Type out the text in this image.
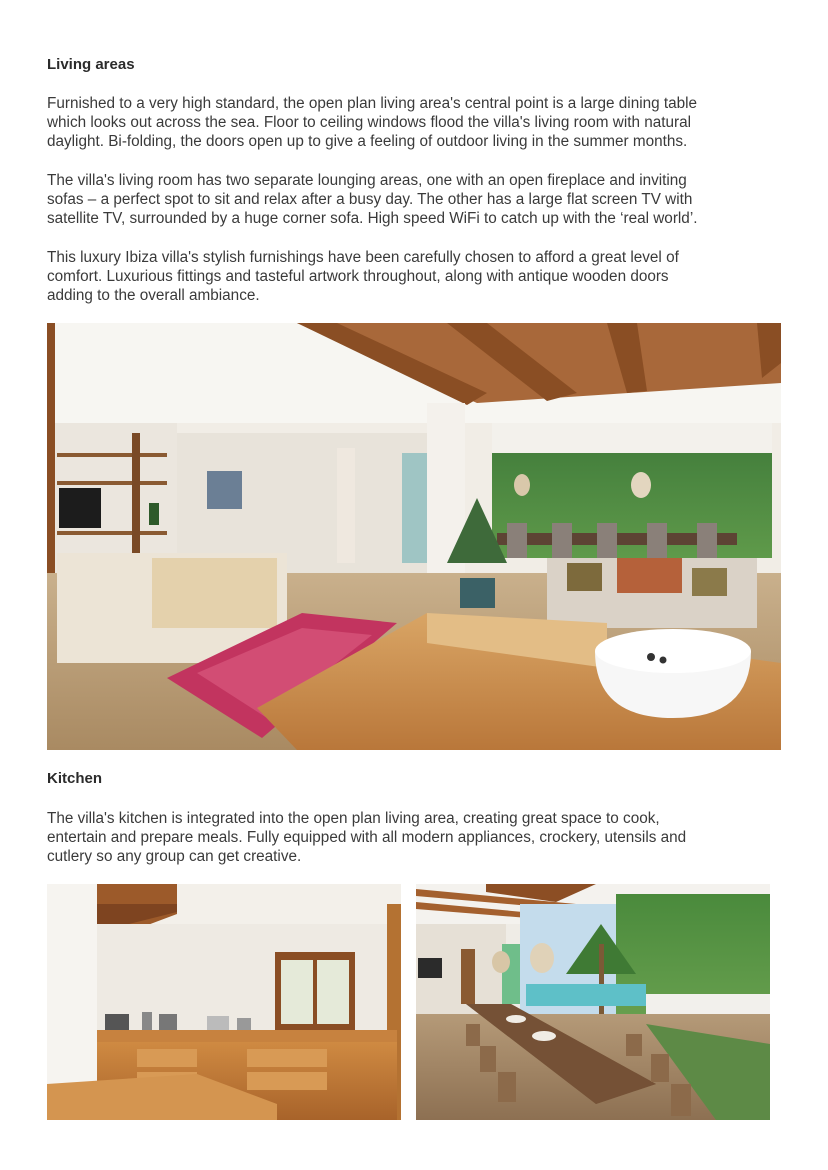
Living areas
Furnished to a very high standard, the open plan living area's central point is a large dining table
which looks out across the sea. Floor to ceiling windows flood the villa's living room with natural
daylight. Bi-folding, the doors open up to give a feeling of outdoor living in the summer months.
The villa's living room has two separate lounging areas, one with an open fireplace and inviting
sofas – a perfect spot to sit and relax after a busy day. The other has a large flat screen TV with
satellite TV, surrounded by a huge corner sofa. High speed WiFi to catch up with the ‘real world’.
This luxury Ibiza villa's stylish furnishings have been carefully chosen to afford a great level of
comfort. Luxurious fittings and tasteful artwork throughout, along with antique wooden doors
adding to the overall ambiance.
Kitchen
The villa's kitchen is integrated into the open plan living area, creating great space to cook,
entertain and prepare meals. Fully equipped with all modern appliances, crockery, utensils and
cutlery so any group can get creative.
